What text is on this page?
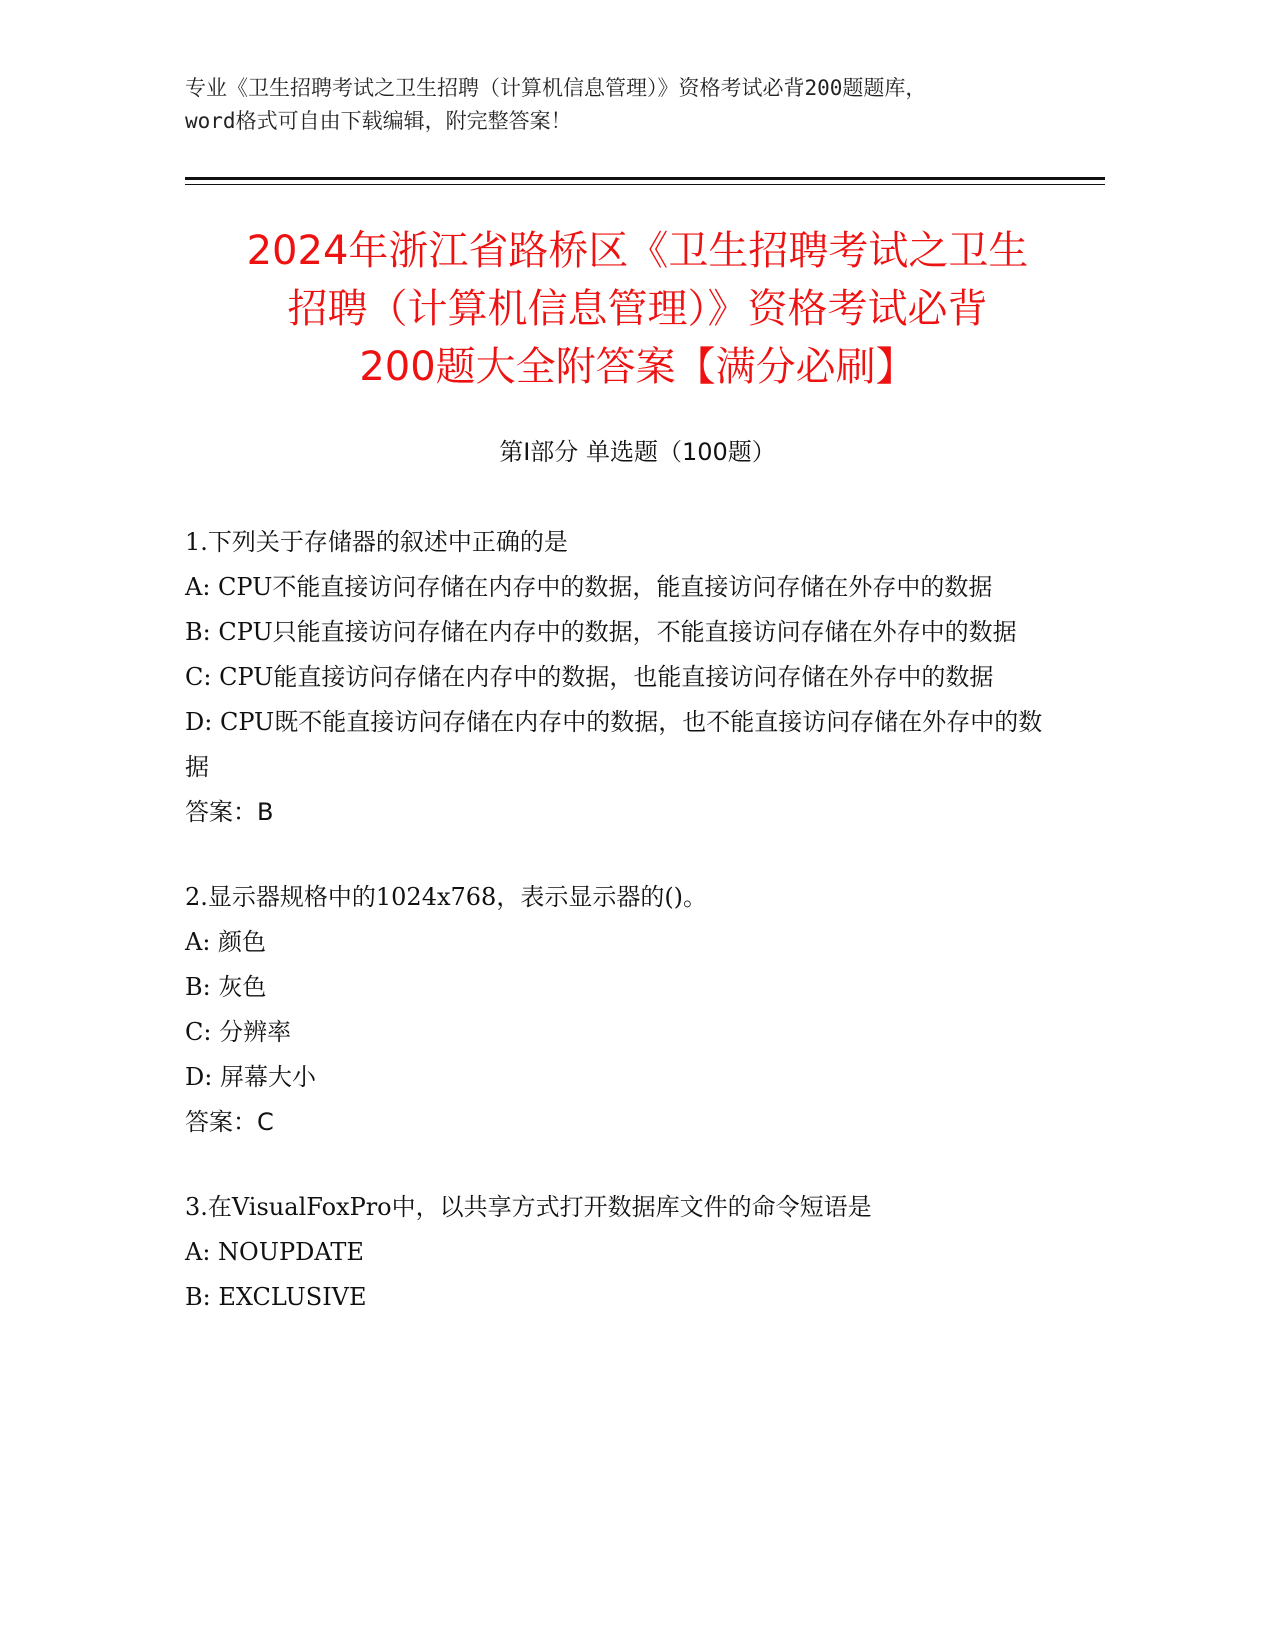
专业《卫生招聘考试之卫生招聘（计算机信息管理）》资格考试必背200题题库，
word格式可自由下载编辑，附完整答案！
2024年浙江省路桥区《卫生招聘考试之卫生
招聘（计算机信息管理）》资格考试必背
200题大全附答案【满分必刷】
第Ⅰ部分 单选题（100题）

1.下列关于存储器的叙述中正确的是

A: CPU不能直接访问存储在内存中的数据，能直接访问存储在外存中的数据

B: CPU只能直接访问存储在内存中的数据，不能直接访问存储在外存中的数据

C: CPU能直接访问存储在内存中的数据，也能直接访问存储在外存中的数据

D: CPU既不能直接访问存储在内存中的数据，也不能直接访问存储在外存中的数据

答案：B

2.显示器规格中的1024x768，表示显示器的()。

A: 颜色

B: 灰色

C: 分辨率

D: 屏幕大小

答案：C

3.在VisualFoxPro中，以共享方式打开数据库文件的命令短语是

A: NOUPDATE

B: EXCLUSIVE
